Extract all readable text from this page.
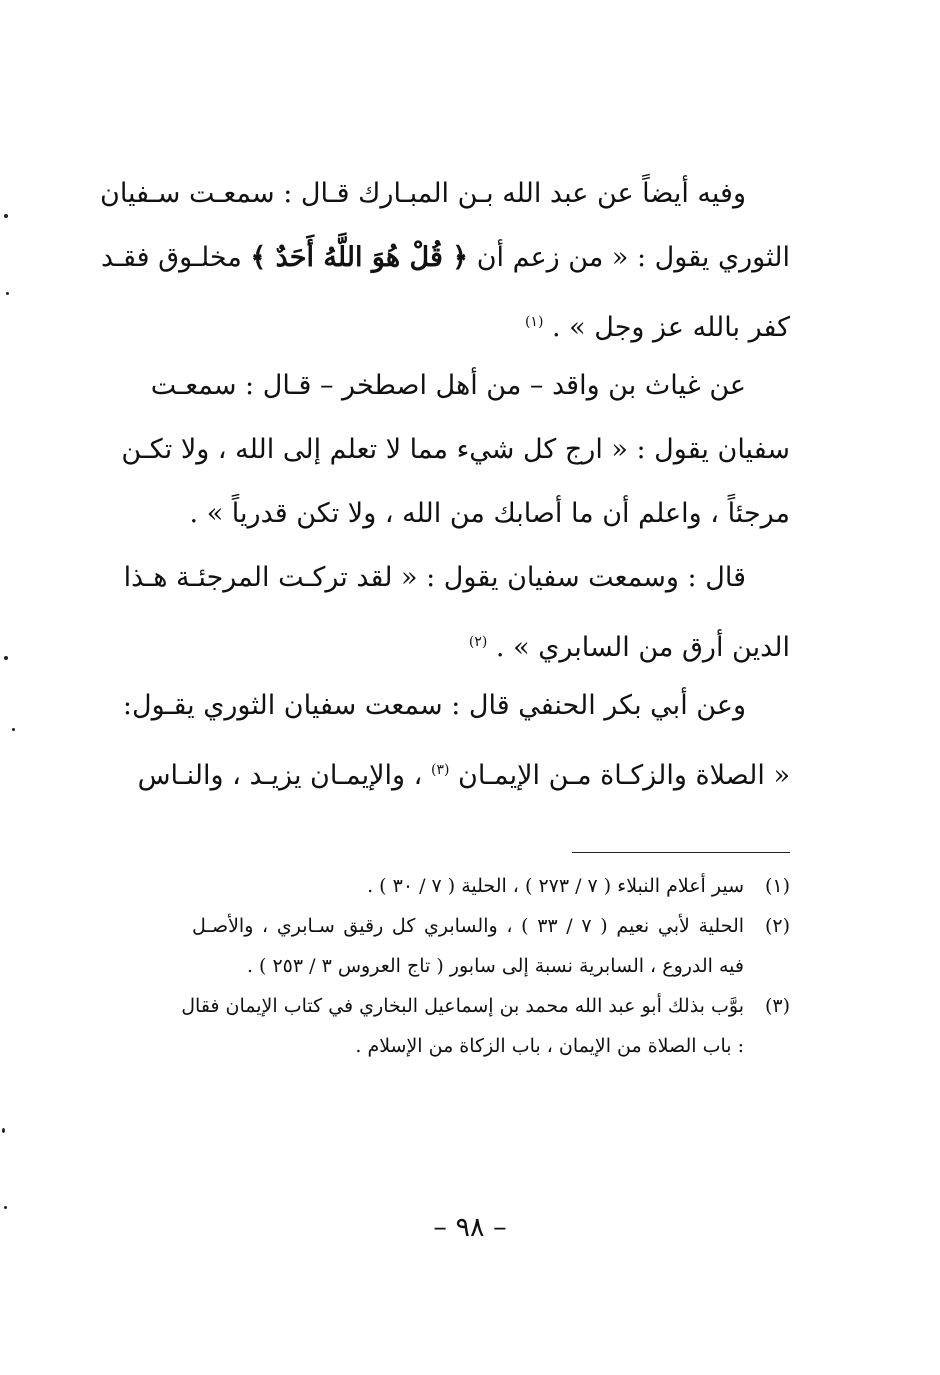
وفيه أيضاً عن عبد الله بـن المبـارك قـال : سمعـت سـفيان
الثوري يقول : « من زعم أن ﴿ قُلْ هُوَ اللَّهُ أَحَدٌ ﴾ مخلـوق فقـد
كفر بالله عز وجل » . $^{(١)}$
عن غياث بن واقد – من أهل اصطخر – قـال : سمعـت
سفيان يقول : « ارج كل شيء مما لا تعلم إلى الله ، ولا تكـن
مرجئاً ، واعلم أن ما أصابك من الله ، ولا تكن قدرياً » .
قال : وسمعت سفيان يقول : « لقد تركـت المرجئـة هـذا
الدين أرق من السابري » . $^{(٢)}$
وعن أبي بكر الحنفي قال : سمعت سفيان الثوري يقـول:
« الصلاة والزكـاة مـن الإيمـان $^{(٣)}$ ، والإيمـان يزيـد ، والنـاس
(١)
سير أعلام النبلاء ( ٧ / ٢٧٣ ) ، الحلية ( ٧ / ٣٠ ) .
(٢)
الحلية لأبي نعيم ( ٧ / ٣٣ ) ، والسابري كل رقيق سـابري ، والأصـل
فيه الدروع ، السابرية نسبة إلى سابور ( تاج العروس ٣ / ٢٥٣ ) .
(٣)
بوَّب بذلك أبو عبد الله محمد بن إسماعيل البخاري في كتاب الإيمان فقال
: باب الصلاة من الإيمان ، باب الزكاة من الإسلام .
– ٩٨ –
